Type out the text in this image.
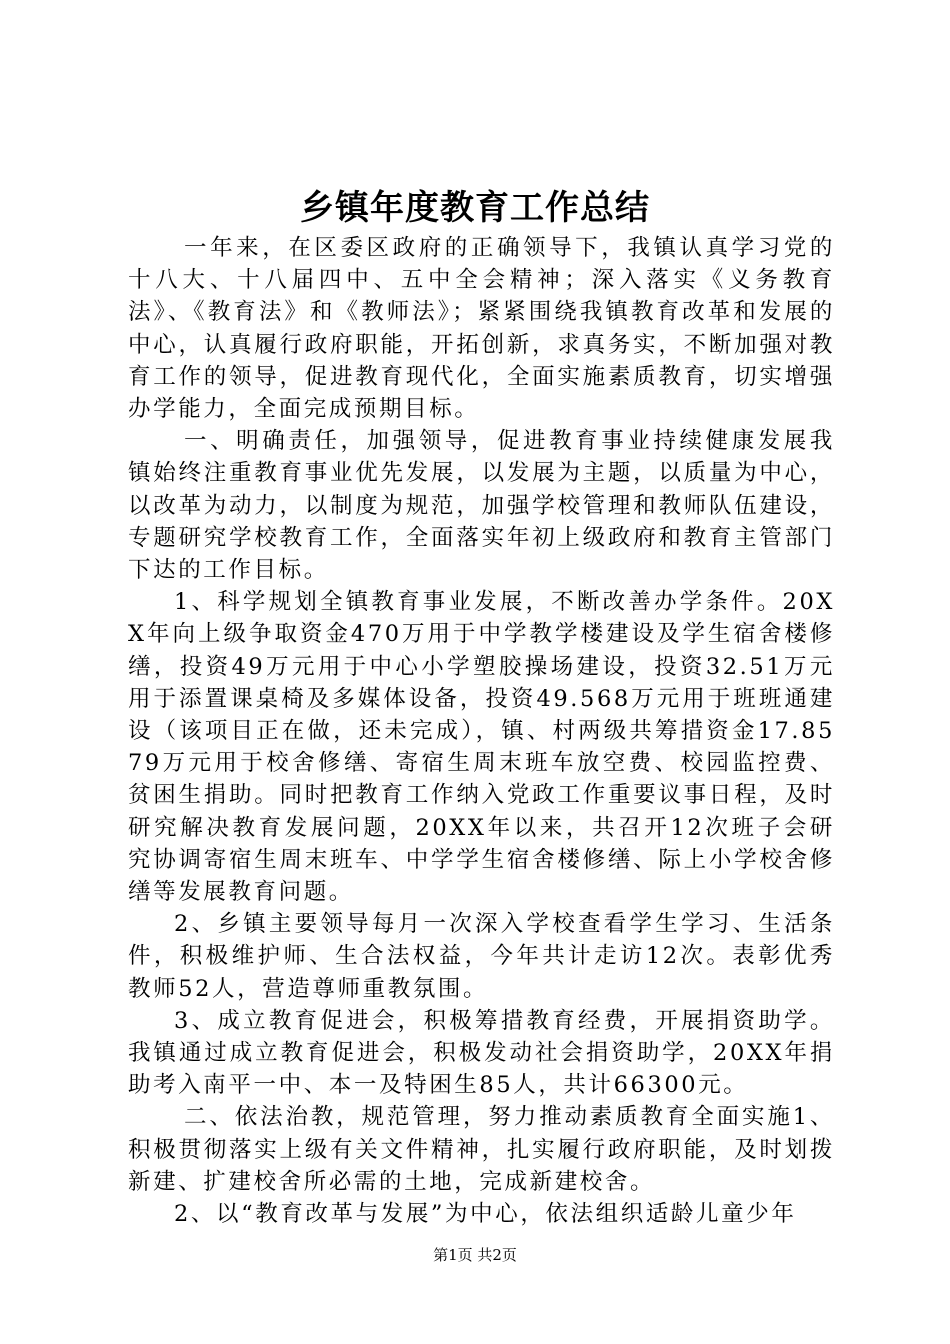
乡镇年度教育工作总结

一年来，在区委区政府的正确领导下，我镇认真学习党的十八大、十八届四中、五中全会精神；深入落实《义务教育法》、《教育法》和《教师法》；紧紧围绕我镇教育改革和发展的中心，认真履行政府职能，开拓创新，求真务实，不断加强对教育工作的领导，促进教育现代化，全面实施素质教育，切实增强办学能力，全面完成预期目标。

一、明确责任，加强领导，促进教育事业持续健康发展我镇始终注重教育事业优先发展，以发展为主题，以质量为中心，以改革为动力，以制度为规范，加强学校管理和教师队伍建设，专题研究学校教育工作，全面落实年初上级政府和教育主管部门下达的工作目标。

1、科学规划全镇教育事业发展，不断改善办学条件。20XX年向上级争取资金470万用于中学教学楼建设及学生宿舍楼修缮，投资49万元用于中心小学塑胶操场建设，投资32.51万元用于添置课桌椅及多媒体设备，投资49.568万元用于班班通建设（该项目正在做，还未完成），镇、村两级共筹措资金17.8579万元用于校舍修缮、寄宿生周末班车放空费、校园监控费、贫困生捐助。同时把教育工作纳入党政工作重要议事日程，及时研究解决教育发展问题，20XX年以来，共召开12次班子会研究协调寄宿生周末班车、中学学生宿舍楼修缮、际上小学校舍修缮等发展教育问题。

2、乡镇主要领导每月一次深入学校查看学生学习、生活条件，积极维护师、生合法权益，今年共计走访12次。表彰优秀教师52人，营造尊师重教氛围。

3、成立教育促进会，积极筹措教育经费，开展捐资助学。我镇通过成立教育促进会，积极发动社会捐资助学，20XX年捐助考入南平一中、本一及特困生85人，共计66300元。

二、依法治教，规范管理，努力推动素质教育全面实施1、积极贯彻落实上级有关文件精神，扎实履行政府职能，及时划拨新建、扩建校舍所必需的土地，完成新建校舍。

2、以“教育改革与发展”为中心，依法组织适龄儿童少年

第1页 共2页
